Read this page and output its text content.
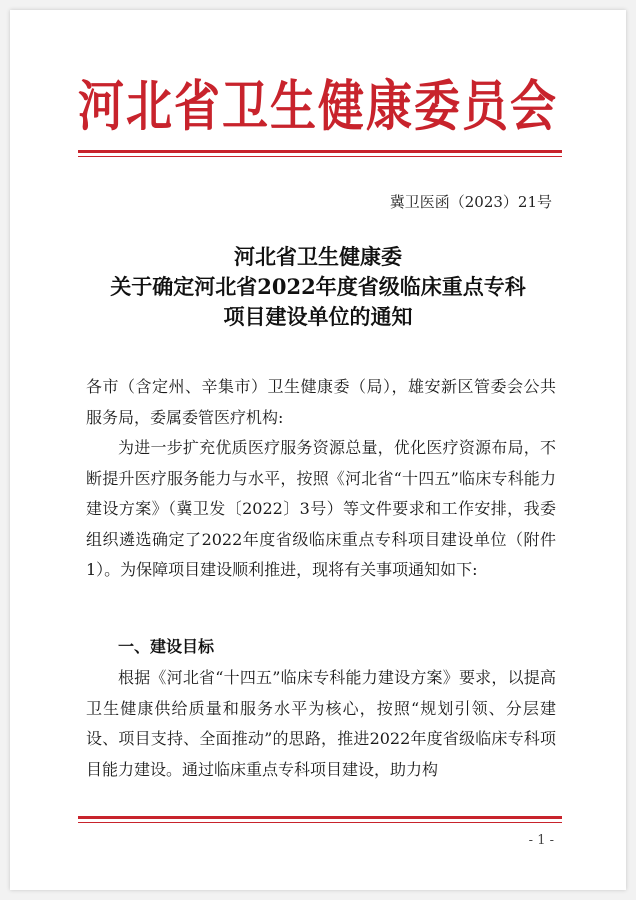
河北省卫生健康委员会
冀卫医函（2023）21号
河北省卫生健康委
关于确定河北省2022年度省级临床重点专科
项目建设单位的通知
各市（含定州、辛集市）卫生健康委（局），雄安新区管委会公共服务局，委属委管医疗机构:
为进一步扩充优质医疗服务资源总量，优化医疗资源布局，不断提升医疗服务能力与水平，按照《河北省“十四五”临床专科能力建设方案》（冀卫发〔2022〕3号）等文件要求和工作安排，我委组织遴选确定了2022年度省级临床重点专科项目建设单位（附件1）。为保障项目建设顺利推进，现将有关事项通知如下:
一、建设目标
根据《河北省“十四五”临床专科能力建设方案》要求，以提高卫生健康供给质量和服务水平为核心，按照“规划引领、分层建设、项目支持、全面推动”的思路，推进2022年度省级临床专科项目能力建设。通过临床重点专科项目建设，助力构
- 1 -
